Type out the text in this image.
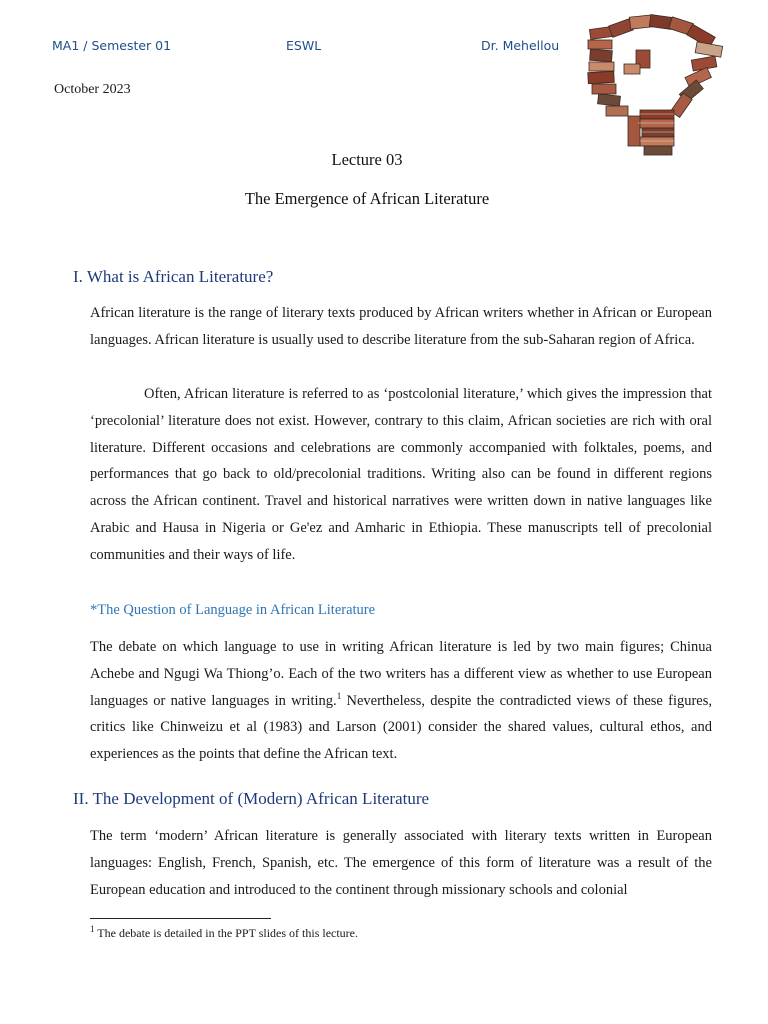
MA1 / Semester 01	ESWL	Dr. Mehellou
October 2023
Lecture 03
The Emergence of African Literature
I. What is African Literature?

African literature is the range of literary texts produced by African writers whether in African or European languages. African literature is usually used to describe literature from the sub-Saharan region of Africa.

Often, African literature is referred to as ‘postcolonial literature,’ which gives the impression that ‘precolonial’ literature does not exist. However, contrary to this claim, African societies are rich with oral literature. Different occasions and celebrations are commonly accompanied with folktales, poems, and performances that go back to old/precolonial traditions. Writing also can be found in different regions across the African continent. Travel and historical narratives were written down in native languages like Arabic and Hausa in Nigeria or Ge'ez and Amharic in Ethiopia. These manuscripts tell of precolonial communities and their ways of life.

*The Question of Language in African Literature

The debate on which language to use in writing African literature is led by two main figures; Chinua Achebe and Ngugi Wa Thiong’o. Each of the two writers has a different view as whether to use European languages or native languages in writing.$^1$ Nevertheless, despite the contradicted views of these figures, critics like Chinweizu et al (1983) and Larson (2001) consider the shared values, cultural ethos, and experiences as the points that define the African text.

II. The Development of (Modern) African Literature

The term ‘modern’ African literature is generally associated with literary texts written in European languages: English, French, Spanish, etc. The emergence of this form of literature was a result of the European education and introduced to the continent through missionary schools and colonial

$^1$ The debate is detailed in the PPT slides of this lecture.
